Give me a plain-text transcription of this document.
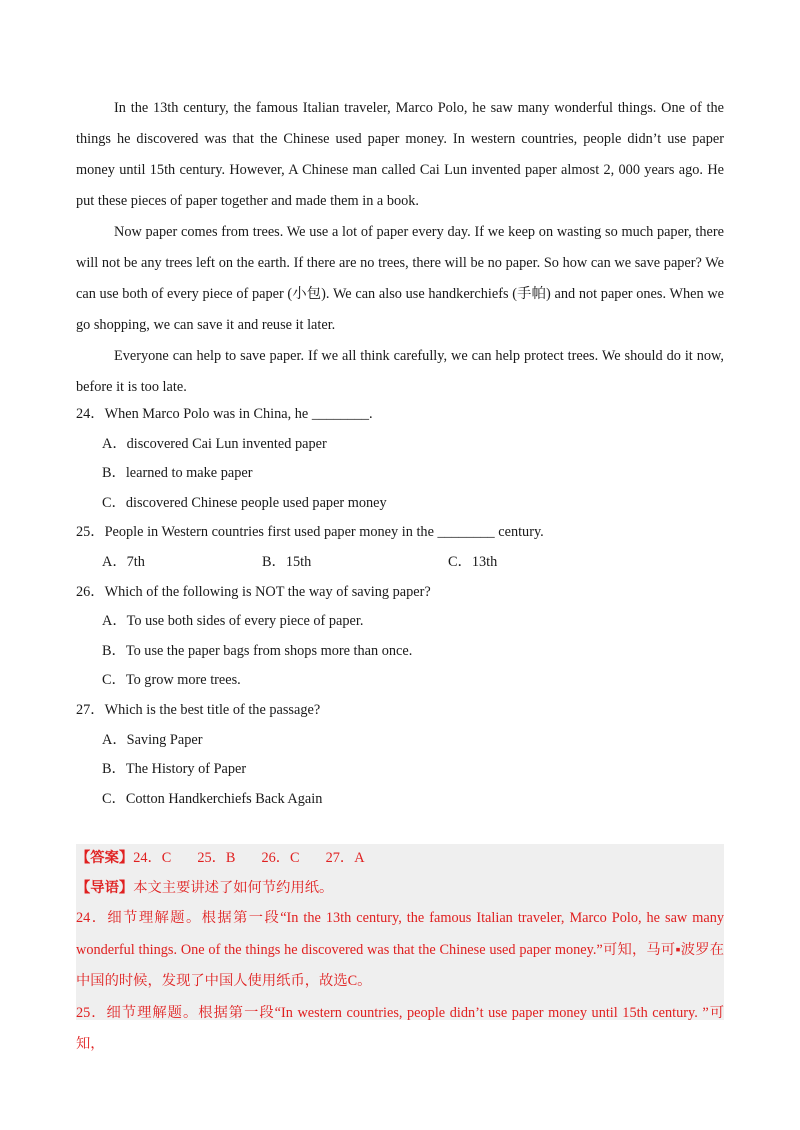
In the 13th century, the famous Italian traveler, Marco Polo, he saw many wonderful things. One of the things he discovered was that the Chinese used paper money. In western countries, people didn’t use paper money until 15th century. However, A Chinese man called Cai Lun invented paper almost 2, 000 years ago. He put these pieces of paper together and made them in a book.

Now paper comes from trees. We use a lot of paper every day. If we keep on wasting so much paper, there will not be any trees left on the earth. If there are no trees, there will be no paper. So how can we save paper? We can use both of every piece of paper (小包). We can also use handkerchiefs (手帕) and not paper ones. When we go shopping, we can save it and reuse it later.

Everyone can help to save paper. If we all think carefully, we can help protect trees. We should do it now, before it is too late.

24．When Marco Polo was in China, he ________.
A．discovered Cai Lun invented paper
B．learned to make paper
C．discovered Chinese people used paper money
25．People in Western countries first used paper money in the ________ century.
A．7th	B．15th	C．13th
26．Which of the following is NOT the way of saving paper?
A．To use both sides of every piece of paper.
B．To use the paper bags from shops more than once.
C．To grow more trees.
27．Which is the best title of the passage?
A．Saving Paper
B．The History of Paper
C．Cotton Handkerchiefs Back Again
【答案】24．C 25．B 26．C 27．A
【导语】本文主要讲述了如何节约用纸。
24．细节理解题。根据第一段“In the 13th century, the famous Italian traveler, Marco Polo, he saw many wonderful things. One of the things he discovered was that the Chinese used paper money.”可知，马可▪波罗在中国的时候，发现了中国人使用纸币，故选C。
25．细节理解题。根据第一段“In western countries, people didn’t use paper money until 15th century. ”可知，
